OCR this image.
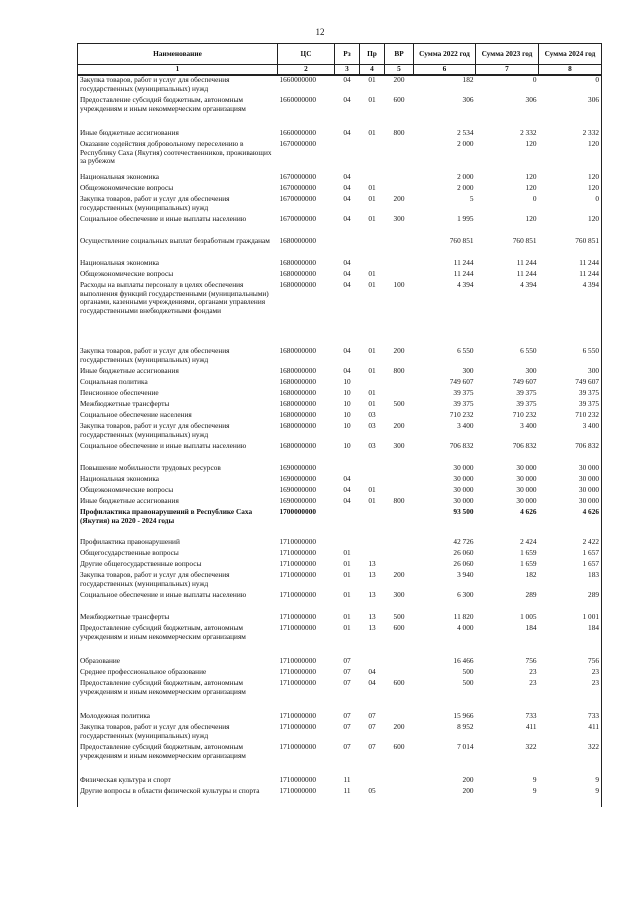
12
Наименование	ЦС	Рз	Пр	ВР	Сумма 2022 год	Сумма 2023 год	Сумма 2024 год
1	2	3	4	5	6	7	8
Закупка товаров, работ и услуг для обеспечения государственных (муниципальных) нужд	1660000000	04	01	200	182	0	0
Предоставление субсидий бюджетным, автономным учреждениям и иным некоммерческим организациям	1660000000	04	01	600	306	306	306
Иные бюджетные ассигнования	1660000000	04	01	800	2 534	2 332	2 332
Оказание содействия добровольному переселению в Республику Саха (Якутия) соотечественников, проживающих за рубежом	1670000000				2 000	120	120
Национальная экономика	1670000000	04			2 000	120	120
Общеэкономические вопросы	1670000000	04	01		2 000	120	120
Закупка товаров, работ и услуг для обеспечения государственных (муниципальных) нужд	1670000000	04	01	200	5	0	0
Социальное обеспечение и иные выплаты населению	1670000000	04	01	300	1 995	120	120
Осуществление социальных выплат безработным гражданам	1680000000				760 851	760 851	760 851
Национальная экономика	1680000000	04			11 244	11 244	11 244
Общеэкономические вопросы	1680000000	04	01		11 244	11 244	11 244
Расходы на выплаты персоналу в целях обеспечения выполнения функций государственными (муниципальными) органами, казенными учреждениями, органами управления государственными внебюджетными фондами	1680000000	04	01	100	4 394	4 394	4 394
Закупка товаров, работ и услуг для обеспечения государственных (муниципальных) нужд	1680000000	04	01	200	6 550	6 550	6 550
Иные бюджетные ассигнования	1680000000	04	01	800	300	300	300
Социальная политика	1680000000	10			749 607	749 607	749 607
Пенсионное обеспечение	1680000000	10	01		39 375	39 375	39 375
Межбюджетные трансферты	1680000000	10	01	500	39 375	39 375	39 375
Социальное обеспечение населения	1680000000	10	03		710 232	710 232	710 232
Закупка товаров, работ и услуг для обеспечения государственных (муниципальных) нужд	1680000000	10	03	200	3 400	3 400	3 400
Социальное обеспечение и иные выплаты населению	1680000000	10	03	300	706 832	706 832	706 832
Повышение мобильности трудовых ресурсов	1690000000				30 000	30 000	30 000
Национальная экономика	1690000000	04			30 000	30 000	30 000
Общеэкономические вопросы	1690000000	04	01		30 000	30 000	30 000
Иные бюджетные ассигнования	1690000000	04	01	800	30 000	30 000	30 000
Профилактика правонарушений в Республике Саха (Якутия) на 2020 - 2024 годы	1700000000				93 500	4 626	4 626
Профилактика правонарушений	1710000000				42 726	2 424	2 422
Общегосударственные вопросы	1710000000	01			26 060	1 659	1 657
Другие общегосударственные вопросы	1710000000	01	13		26 060	1 659	1 657
Закупка товаров, работ и услуг для обеспечения государственных (муниципальных) нужд	1710000000	01	13	200	3 940	182	183
Социальное обеспечение и иные выплаты населению	1710000000	01	13	300	6 300	289	289
Межбюджетные трансферты	1710000000	01	13	500	11 820	1 005	1 001
Предоставление субсидий бюджетным, автономным учреждениям и иным некоммерческим организациям	1710000000	01	13	600	4 000	184	184
Образование	1710000000	07			16 466	756	756
Среднее профессиональное образование	1710000000	07	04		500	23	23
Предоставление субсидий бюджетным, автономным учреждениям и иным некоммерческим организациям	1710000000	07	04	600	500	23	23
Молодежная политика	1710000000	07	07		15 966	733	733
Закупка товаров, работ и услуг для обеспечения государственных (муниципальных) нужд	1710000000	07	07	200	8 952	411	411
Предоставление субсидий бюджетным, автономным учреждениям и иным некоммерческим организациям	1710000000	07	07	600	7 014	322	322
Физическая культура и спорт	1710000000	11			200	9	9
Другие вопросы в области физической культуры и спорта	1710000000	11	05		200	9	9
